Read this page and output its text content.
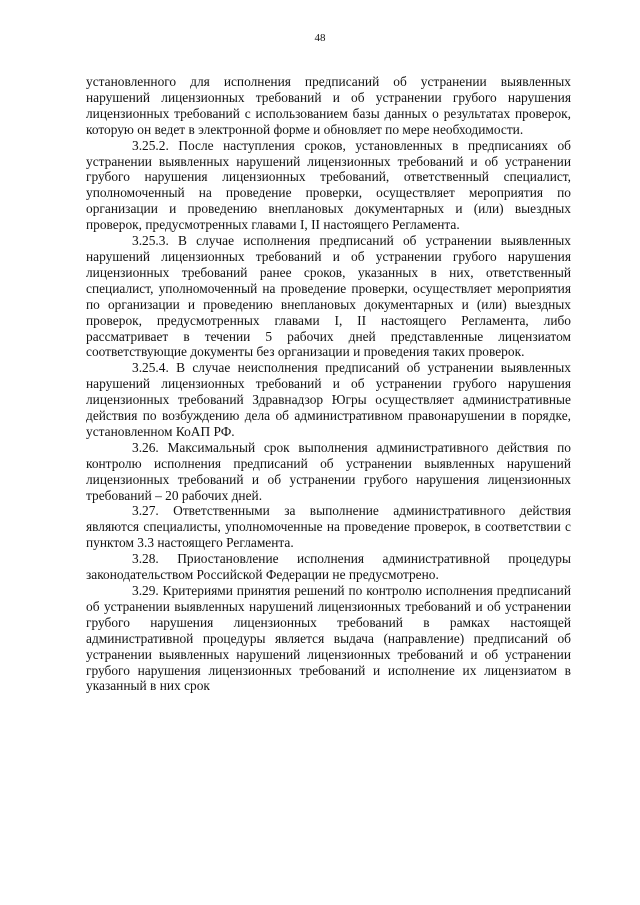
48

установленного для исполнения предписаний об устранении выявленных нарушений лицензионных требований и об устранении грубого нарушения лицензионных требований с использованием базы данных о результатах проверок, которую он ведет в электронной форме и обновляет по мере необходимости.

3.25.2. После наступления сроков, установленных в предписаниях об устранении выявленных нарушений лицензионных требований и об устранении грубого нарушения лицензионных требований, ответственный специалист, уполномоченный на проведение проверки, осуществляет мероприятия по организации и проведению внеплановых документарных и (или) выездных проверок, предусмотренных главами I, II настоящего Регламента.

3.25.3. В случае исполнения предписаний об устранении выявленных нарушений лицензионных требований и об устранении грубого нарушения лицензионных требований ранее сроков, указанных в них, ответственный специалист, уполномоченный на проведение проверки, осуществляет мероприятия по организации и проведению внеплановых документарных и (или) выездных проверок, предусмотренных главами I, II настоящего Регламента, либо рассматривает в течении 5 рабочих дней представленные лицензиатом соответствующие документы без организации и проведения таких проверок.

3.25.4. В случае неисполнения предписаний об устранении выявленных нарушений лицензионных требований и об устранении грубого нарушения лицензионных требований Здравнадзор Югры осуществляет административные действия по возбуждению дела об административном правонарушении в порядке, установленном КоАП РФ.

3.26. Максимальный срок выполнения административного действия по контролю исполнения предписаний об устранении выявленных нарушений лицензионных требований и об устранении грубого нарушения лицензионных требований – 20 рабочих дней.

3.27. Ответственными за выполнение административного действия являются специалисты, уполномоченные на проведение проверок, в соответствии с пунктом 3.3 настоящего Регламента.

3.28. Приостановление исполнения административной процедуры законодательством Российской Федерации не предусмотрено.

3.29. Критериями принятия решений по контролю исполнения предписаний об устранении выявленных нарушений лицензионных требований и об устранении грубого нарушения лицензионных требований в рамках настоящей административной процедуры является выдача (направление) предписаний об устранении выявленных нарушений лицензионных требований и об устранении грубого нарушения лицензионных требований и исполнение их лицензиатом в указанный в них срок
